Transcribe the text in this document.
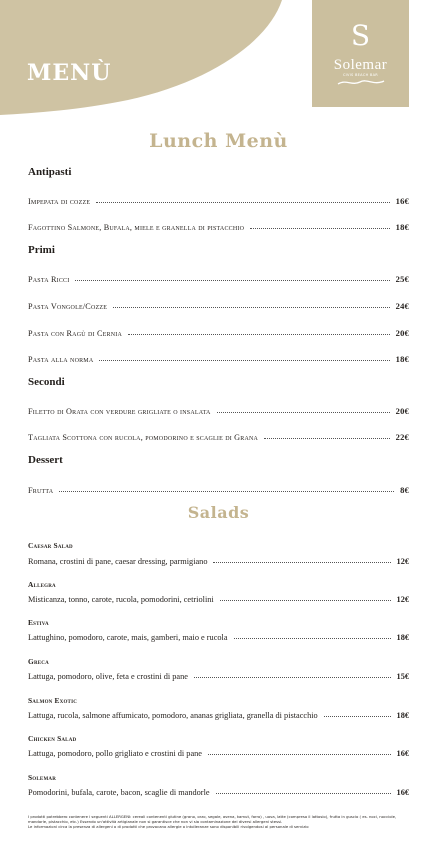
MENÙ
S
Solemar
CIVIS BEACH BAR
Lunch Menù
Antipasti
Impepata di cozze	16€
Fagottino Salmone, Bufala, miele e granella di pistacchio	18€
Primi
Pasta Ricci	25€
Pasta Vongole/Cozze	24€
Pasta con Ragù di Cernia	20€
Pasta alla norma	18€
Secondi
Filetto di Orata con verdure grigliate o insalata	20€
Tagliata Scottona con rucola, pomodorino e scaglie di Grana	22€
Dessert
Frutta	8€
Salads
Caesar Salad
Romana, crostini di pane, caesar dressing, parmigiano	12€
Allegra
Misticanza, tonno, carote, rucola, pomodorini, cetriolini	12€
Estiva
Lattughino, pomodoro, carote, mais, gamberi, maio e rucola	18€
Greca
Lattuga, pomodoro, olive, feta e crostini di pane	15€
Salmon Exotic
Lattuga, rucola, salmone affumicato, pomodoro, ananas grigliata, granella di pistacchio	18€
Chicken Salad
Lattuga, pomodoro, pollo grigliato e crostini di pane	16€
Solemar
Pomodorini, bufala, carote, bacon, scaglie di mandorle	16€
I prodotti potrebbero contenere i seguenti ALLERGENI: cereali contenenti glutine (grano, orzo, segale, avena, kamut, farro) , uova, latte (compreso il lattosio), frutta in guscio ( es. noci, nocciole, mandorle, pistacchio, etc.) Essendo un'attività artigianale non si garantisce che non vi sia contaminazione dei diversi allergeni stessi.
Le informazioni circa la presenza di allergeni o di prodotti che provocano allergie o intolleranze sono disponibili rivolgendosi al personale di servizio
